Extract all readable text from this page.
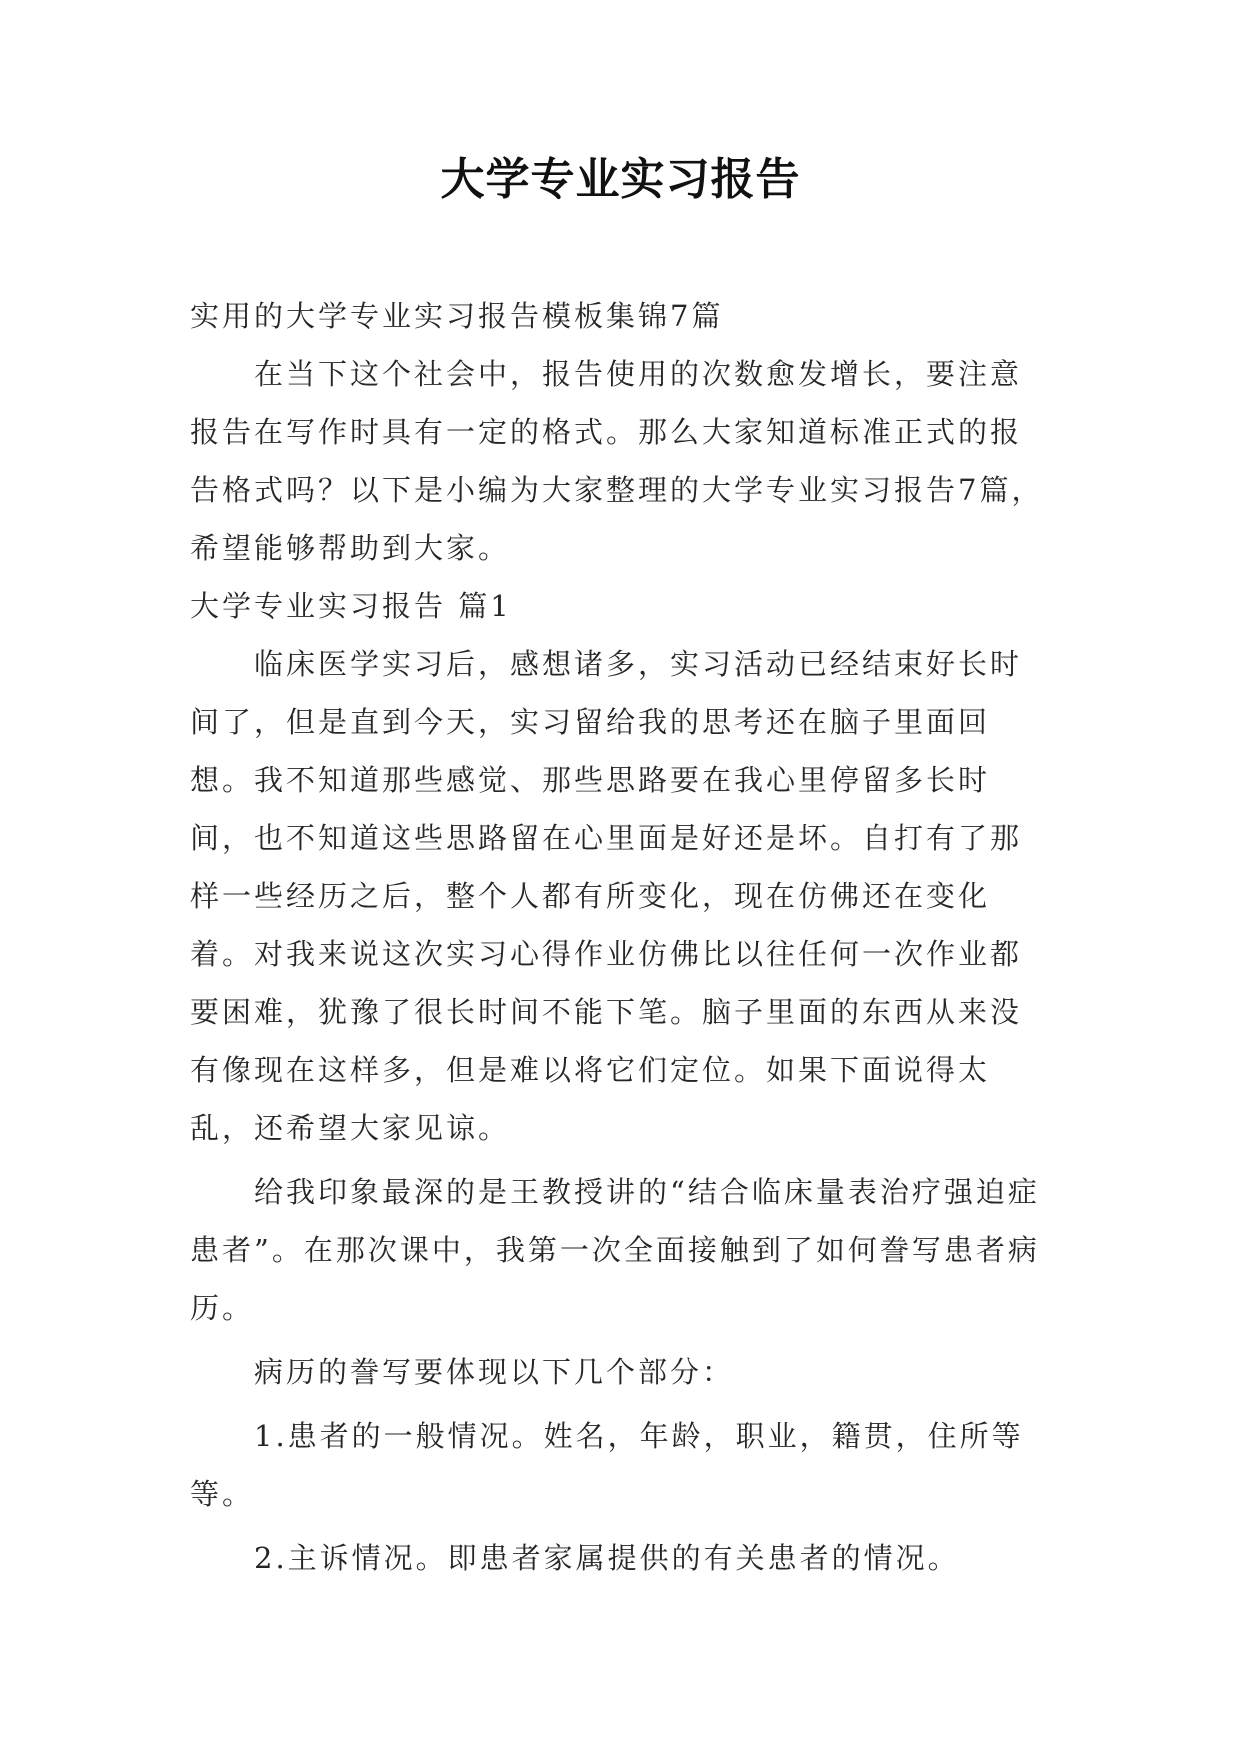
大学专业实习报告

实用的大学专业实习报告模板集锦7篇

在当下这个社会中，报告使用的次数愈发增长，要注意报告在写作时具有一定的格式。那么大家知道标准正式的报告格式吗？以下是小编为大家整理的大学专业实习报告7篇，希望能够帮助到大家。

大学专业实习报告 篇1

临床医学实习后，感想诸多，实习活动已经结束好长时间了，但是直到今天，实习留给我的思考还在脑子里面回想。我不知道那些感觉、那些思路要在我心里停留多长时间，也不知道这些思路留在心里面是好还是坏。自打有了那样一些经历之后，整个人都有所变化，现在仿佛还在变化着。对我来说这次实习心得作业仿佛比以往任何一次作业都要困难，犹豫了很长时间不能下笔。脑子里面的东西从来没有像现在这样多，但是难以将它们定位。如果下面说得太乱，还希望大家见谅。

给我印象最深的是王教授讲的“结合临床量表治疗强迫症患者”。在那次课中，我第一次全面接触到了如何誊写患者病历。

病历的誊写要体现以下几个部分：

1.患者的一般情况。姓名，年龄，职业，籍贯，住所等等。

2.主诉情况。即患者家属提供的有关患者的情况。
